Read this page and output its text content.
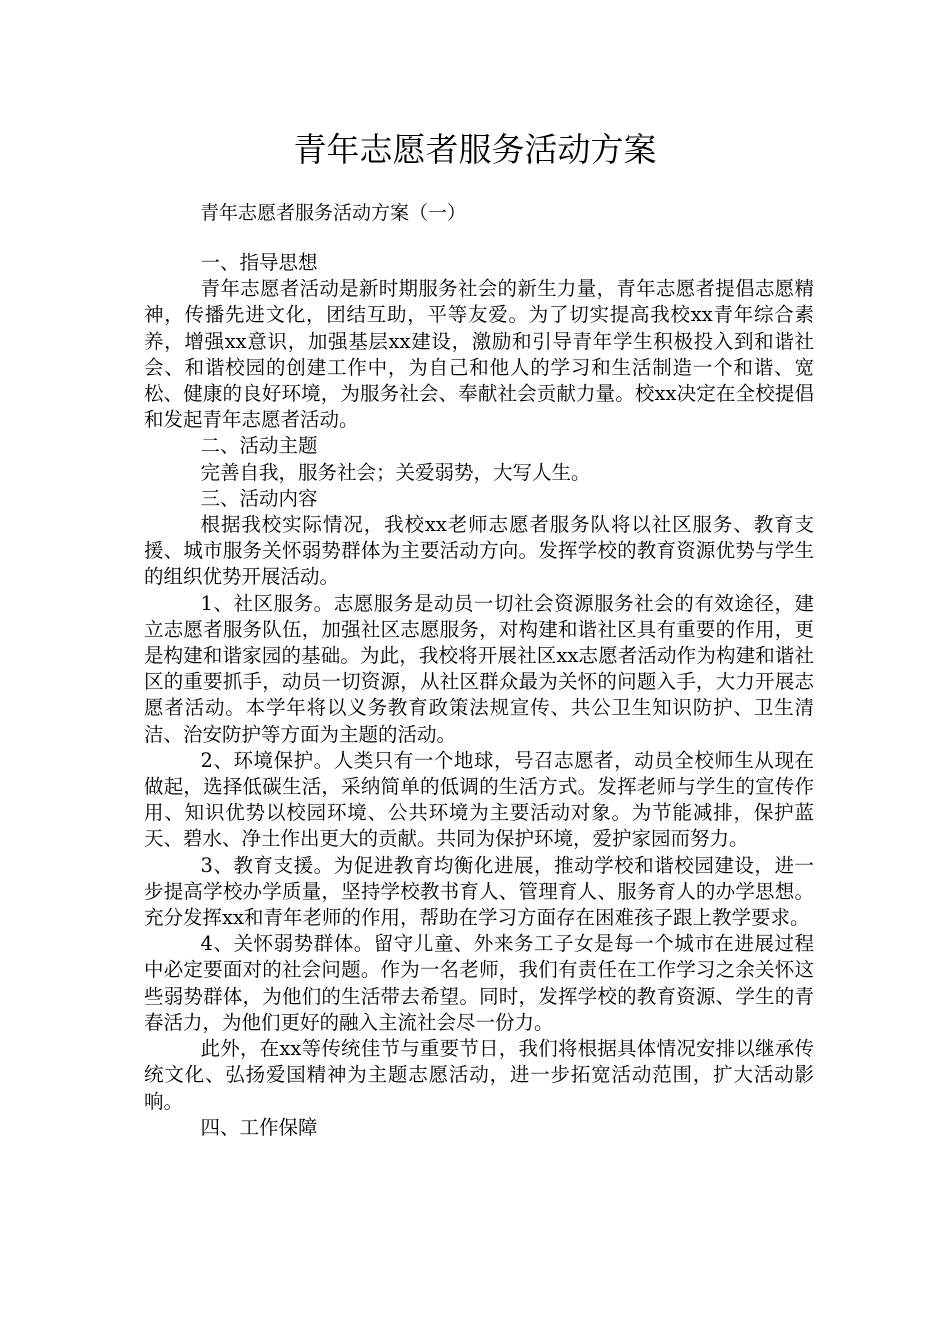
青年志愿者服务活动方案

青年志愿者服务活动方案（一）

一、指导思想

青年志愿者活动是新时期服务社会的新生力量，青年志愿者提倡志愿精神，传播先进文化，团结互助，平等友爱。为了切实提高我校xx青年综合素养，增强xx意识，加强基层xx建设，激励和引导青年学生积极投入到和谐社会、和谐校园的创建工作中，为自己和他人的学习和生活制造一个和谐、宽松、健康的良好环境，为服务社会、奉献社会贡献力量。校xx决定在全校提倡和发起青年志愿者活动。

二、活动主题

完善自我，服务社会；关爱弱势，大写人生。

三、活动内容

根据我校实际情况，我校xx老师志愿者服务队将以社区服务、教育支援、城市服务关怀弱势群体为主要活动方向。发挥学校的教育资源优势与学生的组织优势开展活动。

1、社区服务。志愿服务是动员一切社会资源服务社会的有效途径，建立志愿者服务队伍，加强社区志愿服务，对构建和谐社区具有重要的作用，更是构建和谐家园的基础。为此，我校将开展社区xx志愿者活动作为构建和谐社区的重要抓手，动员一切资源，从社区群众最为关怀的问题入手，大力开展志愿者活动。本学年将以义务教育政策法规宣传、共公卫生知识防护、卫生清洁、治安防护等方面为主题的活动。

2、环境保护。人类只有一个地球，号召志愿者，动员全校师生从现在做起，选择低碳生活，采纳简单的低调的生活方式。发挥老师与学生的宣传作用、知识优势以校园环境、公共环境为主要活动对象。为节能减排，保护蓝天、碧水、净土作出更大的贡献。共同为保护环境，爱护家园而努力。

3、教育支援。为促进教育均衡化进展，推动学校和谐校园建设，进一步提高学校办学质量，坚持学校教书育人、管理育人、服务育人的办学思想。充分发挥xx和青年老师的作用，帮助在学习方面存在困难孩子跟上教学要求。

4、关怀弱势群体。留守儿童、外来务工子女是每一个城市在进展过程中必定要面对的社会问题。作为一名老师，我们有责任在工作学习之余关怀这些弱势群体，为他们的生活带去希望。同时，发挥学校的教育资源、学生的青春活力，为他们更好的融入主流社会尽一份力。

此外，在xx等传统佳节与重要节日，我们将根据具体情况安排以继承传统文化、弘扬爱国精神为主题志愿活动，进一步拓宽活动范围，扩大活动影响。

四、工作保障
